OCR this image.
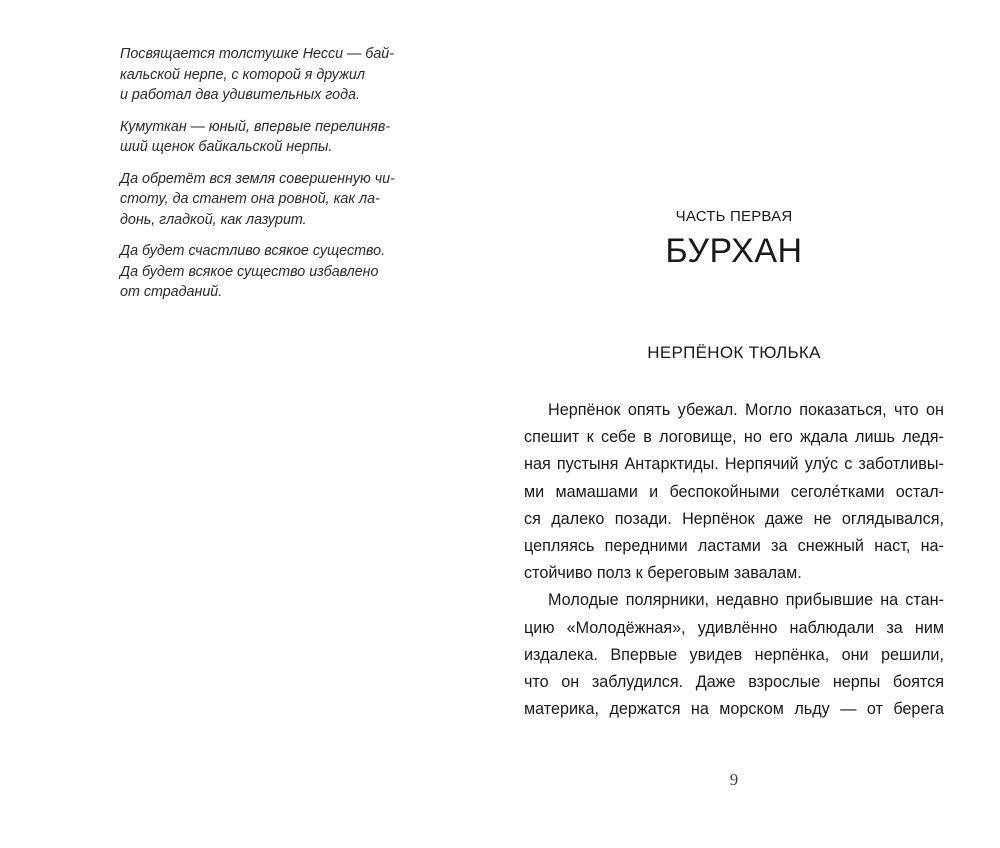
Посвящается толстушке Несси — бай-
кальской нерпе, с которой я дружил
и работал два удивительных года.

Кумуткан — юный, впервые перелиняв-
ший щенок байкальской нерпы.

Да обретёт вся земля совершенную чи-
стоту, да станет она ровной, как ла-
донь, гладкой, как лазурит.

Да будет счастливо всякое существо.
Да будет всякое существо избавлено
от страданий.

ЧАСТЬ ПЕРВАЯ
БУРХАН
НЕРПЁНОК ТЮЛЬКА
Нерпёнок опять убежал. Могло показаться, что он
спешит к себе в логовище, но его ждала лишь ледя-
ная пустыня Антарктиды. Нерпячий улу́с с заботливы-
ми мамашами и беспокойными сеголе́тками остал-
ся далеко позади. Нерпёнок даже не оглядывался,
цепляясь передними ластами за снежный наст, на-
стойчиво полз к береговым завалам.
Молодые полярники, недавно прибывшие на стан-
цию «Молодёжная», удивлённо наблюдали за ним
издалека. Впервые увидев нерпёнка, они решили,
что он заблудился. Даже взрослые нерпы боятся
материка, держатся на морском льду — от берега
9
